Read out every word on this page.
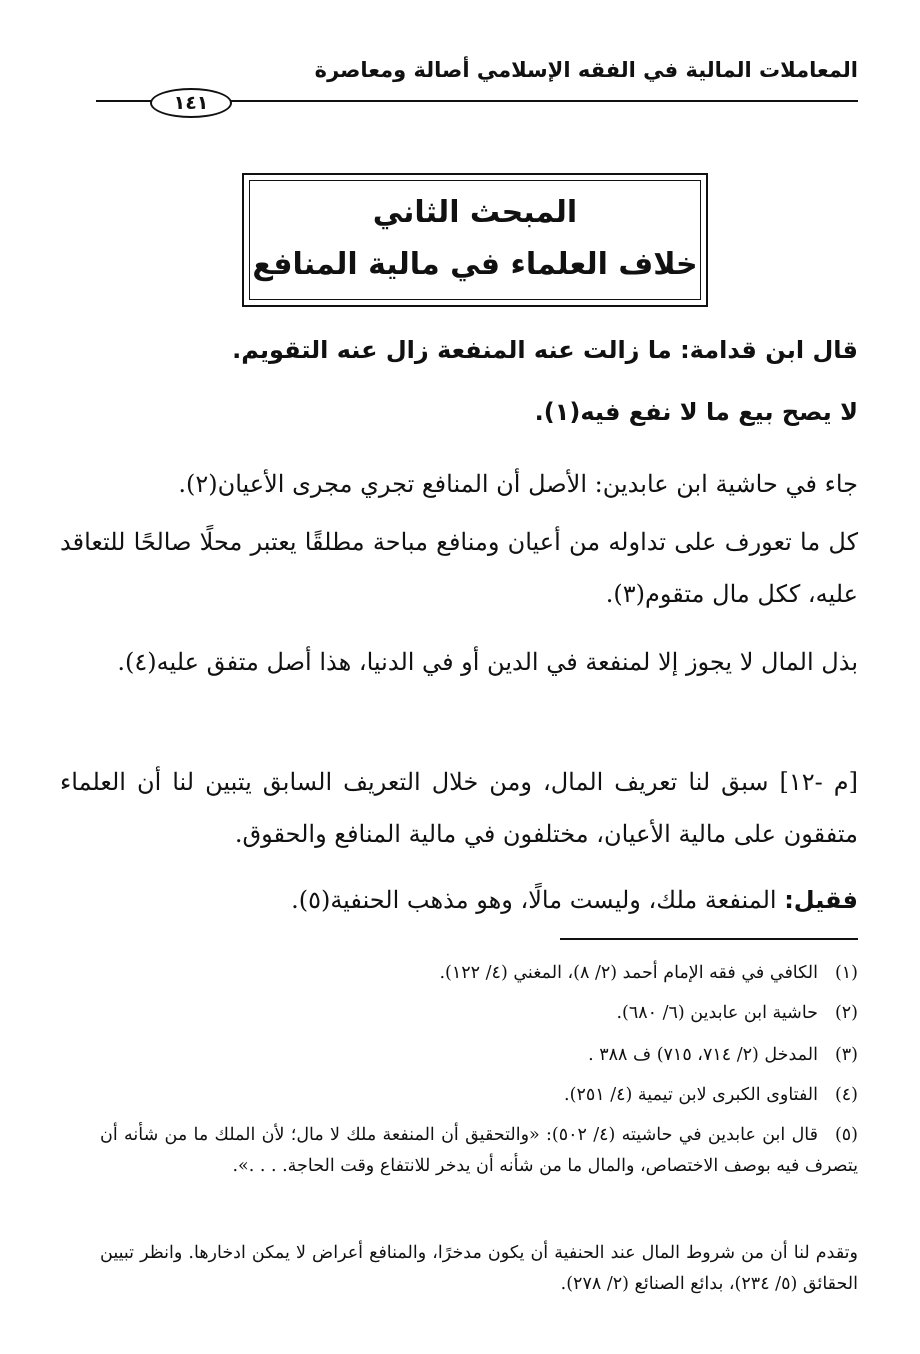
المعاملات المالية في الفقه الإسلامي أصالة ومعاصرة
١٤١
المبحث الثاني
خلاف العلماء في مالية المنافع
قال ابن قدامة: ما زالت عنه المنفعة زال عنه التقويم.
لا يصح بيع ما لا نفع فيه(١).
جاء في حاشية ابن عابدين: الأصل أن المنافع تجري مجرى الأعيان(٢).
كل ما تعورف على تداوله من أعيان ومنافع مباحة مطلقًا يعتبر محلًا صالحًا للتعاقد عليه، ككل مال متقوم(٣).
بذل المال لا يجوز إلا لمنفعة في الدين أو في الدنيا، هذا أصل متفق عليه(٤).
[م -١٢] سبق لنا تعريف المال، ومن خلال التعريف السابق يتبين لنا أن العلماء متفقون على مالية الأعيان، مختلفون في مالية المنافع والحقوق.
فقيل: المنفعة ملك، وليست مالًا، وهو مذهب الحنفية(٥).
(١)الكافي في فقه الإمام أحمد (٢/ ٨)، المغني (٤/ ١٢٢).
(٢)حاشية ابن عابدين (٦/ ٦٨٠).
(٣)المدخل (٢/ ٧١٤، ٧١٥) ف ٣٨٨ .
(٤)الفتاوى الكبرى لابن تيمية (٤/ ٢٥١).
(٥)قال ابن عابدين في حاشيته (٤/ ٥٠٢): «والتحقيق أن المنفعة ملك لا مال؛ لأن الملك ما من شأنه أن يتصرف فيه بوصف الاختصاص، والمال ما من شأنه أن يدخر للانتفاع وقت الحاجة. . . .».
وتقدم لنا أن من شروط المال عند الحنفية أن يكون مدخرًا، والمنافع أعراض لا يمكن ادخارها. وانظر تبيين الحقائق (٥/ ٢٣٤)، بدائع الصنائع (٢/ ٢٧٨).
